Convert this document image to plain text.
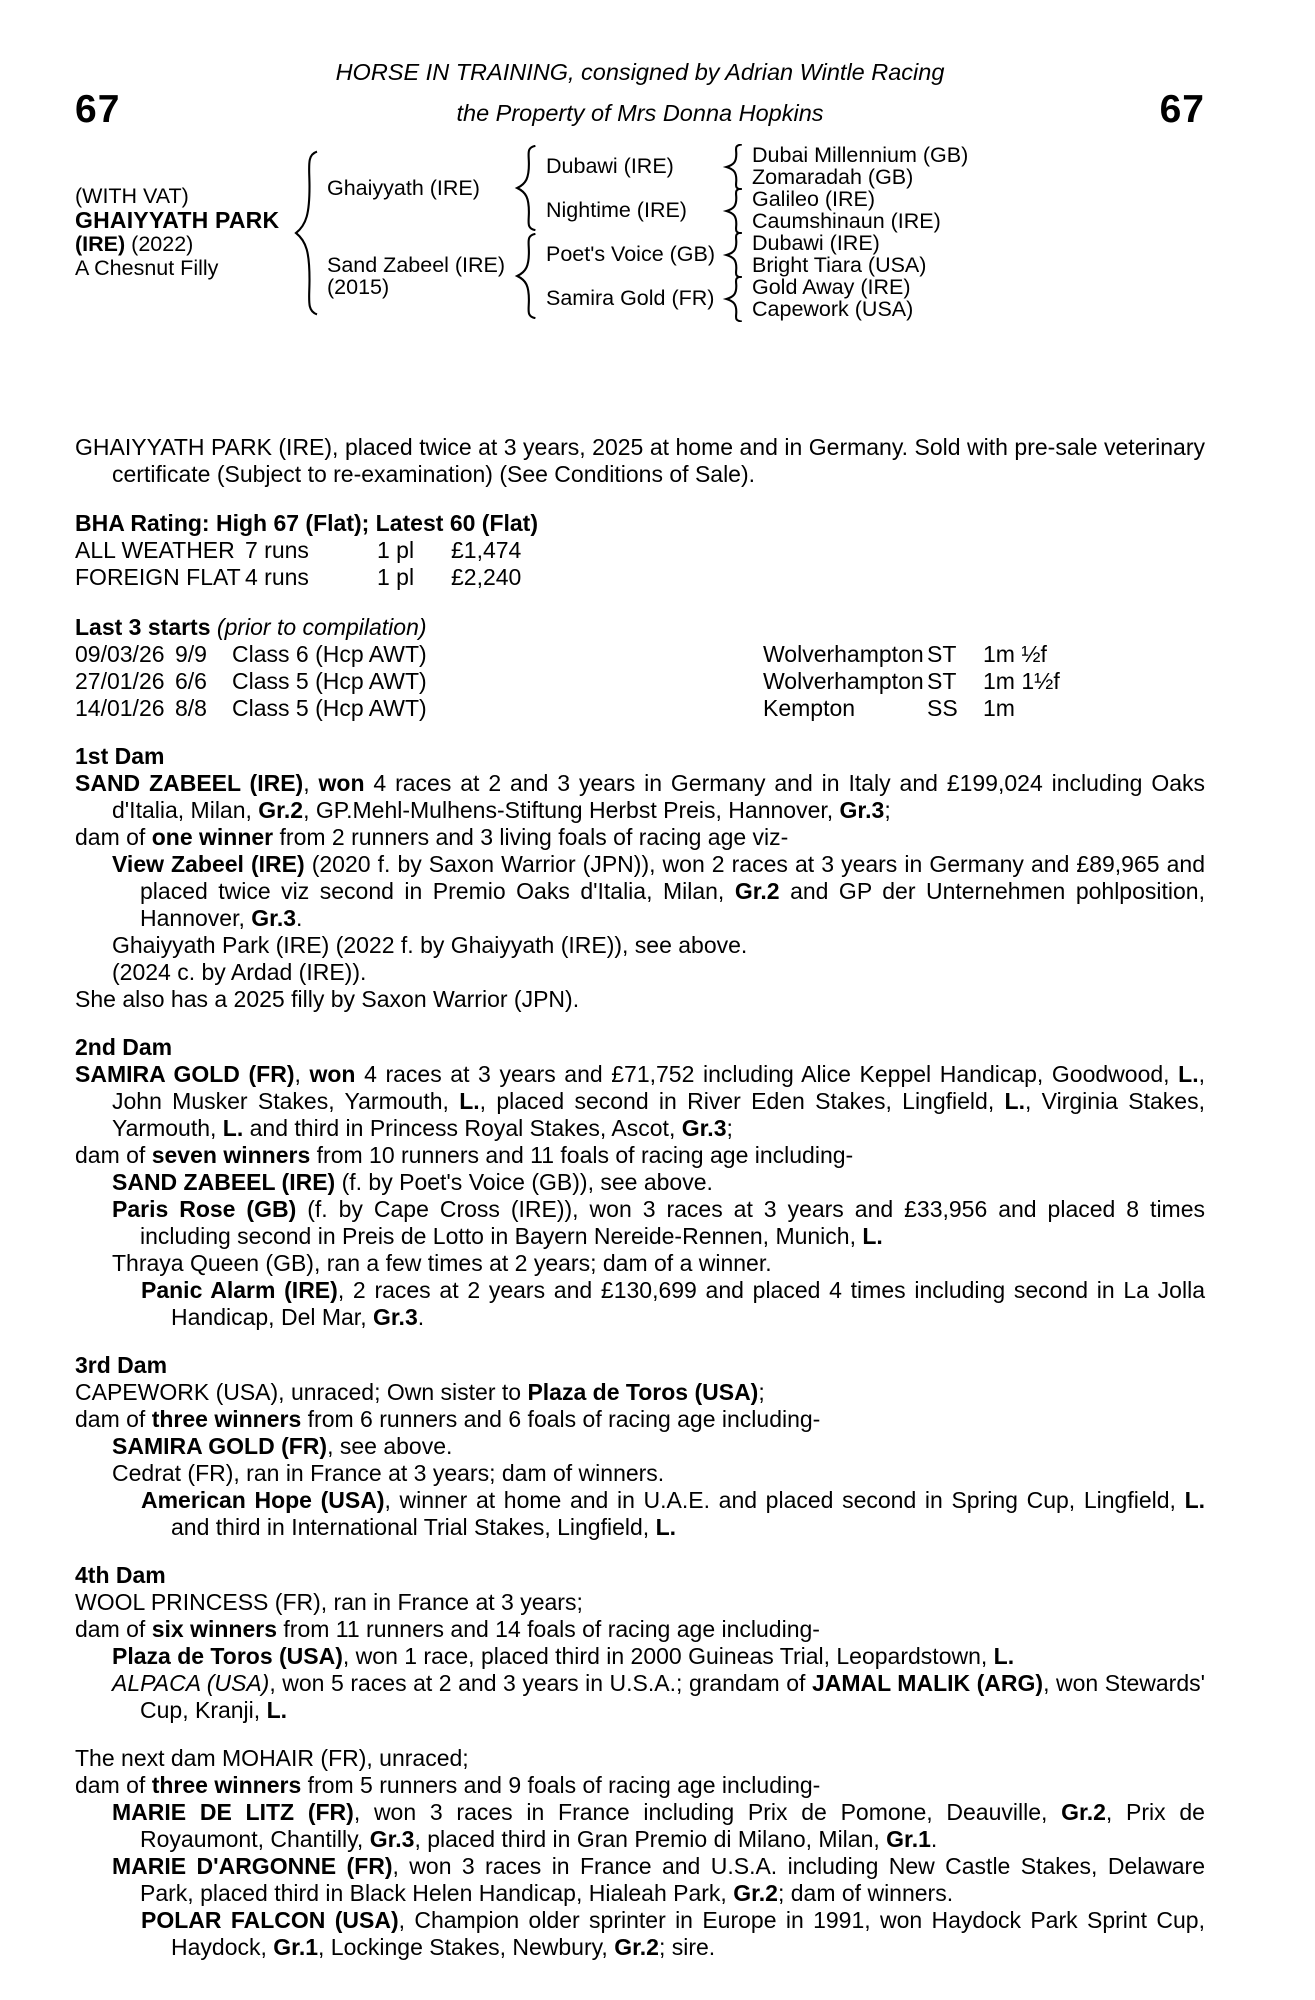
HORSE IN TRAINING, consigned by Adrian Wintle Racing
67	the Property of Mrs Donna Hopkins	67
(WITH VAT)
GHAIYYATH PARK
(IRE) (2022)
A Chesnut Filly
Ghaiyyath (IRE)
Sand Zabeel (IRE)
(2015)
Dubawi (IRE)
Nightime (IRE)
Poet's Voice (GB)
Samira Gold (FR)
Dubai Millennium (GB)
Zomaradah (GB)
Galileo (IRE)
Caumshinaun (IRE)
Dubawi (IRE)
Bright Tiara (USA)
Gold Away (IRE)
Capework (USA)
GHAIYYATH PARK (IRE), placed twice at 3 years, 2025 at home and in Germany. Sold with pre-sale veterinary certificate (Subject to re-examination) (See Conditions of Sale).
BHA Rating: High 67 (Flat); Latest 60 (Flat)
ALL WEATHER 7 runs	1 pl	£1,474
FOREIGN FLAT 4 runs	1 pl	£2,240
Last 3 starts (prior to compilation)
09/03/26 9/9	Class 6 (Hcp AWT)	Wolverhampton ST	1m ½f
27/01/26 6/6	Class 5 (Hcp AWT)	Wolverhampton ST	1m 1½f
14/01/26 8/8	Class 5 (Hcp AWT)	Kempton	SS	1m
1st Dam
SAND ZABEEL (IRE), won 4 races at 2 and 3 years in Germany and in Italy and £199,024 including Oaks d'Italia, Milan, Gr.2, GP.Mehl-Mulhens-Stiftung Herbst Preis, Hannover, Gr.3;
dam of one winner from 2 runners and 3 living foals of racing age viz-
View Zabeel (IRE) (2020 f. by Saxon Warrior (JPN)), won 2 races at 3 years in Germany and £89,965 and placed twice viz second in Premio Oaks d'Italia, Milan, Gr.2 and GP der Unternehmen pohlposition, Hannover, Gr.3.
Ghaiyyath Park (IRE) (2022 f. by Ghaiyyath (IRE)), see above.
(2024 c. by Ardad (IRE)).
She also has a 2025 filly by Saxon Warrior (JPN).
2nd Dam
SAMIRA GOLD (FR), won 4 races at 3 years and £71,752 including Alice Keppel Handicap, Goodwood, L., John Musker Stakes, Yarmouth, L., placed second in River Eden Stakes, Lingfield, L., Virginia Stakes, Yarmouth, L. and third in Princess Royal Stakes, Ascot, Gr.3;
dam of seven winners from 10 runners and 11 foals of racing age including-
SAND ZABEEL (IRE) (f. by Poet's Voice (GB)), see above.
Paris Rose (GB) (f. by Cape Cross (IRE)), won 3 races at 3 years and £33,956 and placed 8 times including second in Preis de Lotto in Bayern Nereide-Rennen, Munich, L.
Thraya Queen (GB), ran a few times at 2 years; dam of a winner.
Panic Alarm (IRE), 2 races at 2 years and £130,699 and placed 4 times including second in La Jolla Handicap, Del Mar, Gr.3.
3rd Dam
CAPEWORK (USA), unraced; Own sister to Plaza de Toros (USA);
dam of three winners from 6 runners and 6 foals of racing age including-
SAMIRA GOLD (FR), see above.
Cedrat (FR), ran in France at 3 years; dam of winners.
American Hope (USA), winner at home and in U.A.E. and placed second in Spring Cup, Lingfield, L. and third in International Trial Stakes, Lingfield, L.
4th Dam
WOOL PRINCESS (FR), ran in France at 3 years;
dam of six winners from 11 runners and 14 foals of racing age including-
Plaza de Toros (USA), won 1 race, placed third in 2000 Guineas Trial, Leopardstown, L.
ALPACA (USA), won 5 races at 2 and 3 years in U.S.A.; grandam of JAMAL MALIK (ARG), won Stewards' Cup, Kranji, L.
The next dam MOHAIR (FR), unraced;
dam of three winners from 5 runners and 9 foals of racing age including-
MARIE DE LITZ (FR), won 3 races in France including Prix de Pomone, Deauville, Gr.2, Prix de Royaumont, Chantilly, Gr.3, placed third in Gran Premio di Milano, Milan, Gr.1.
MARIE D'ARGONNE (FR), won 3 races in France and U.S.A. including New Castle Stakes, Delaware Park, placed third in Black Helen Handicap, Hialeah Park, Gr.2; dam of winners.
POLAR FALCON (USA), Champion older sprinter in Europe in 1991, won Haydock Park Sprint Cup, Haydock, Gr.1, Lockinge Stakes, Newbury, Gr.2; sire.
